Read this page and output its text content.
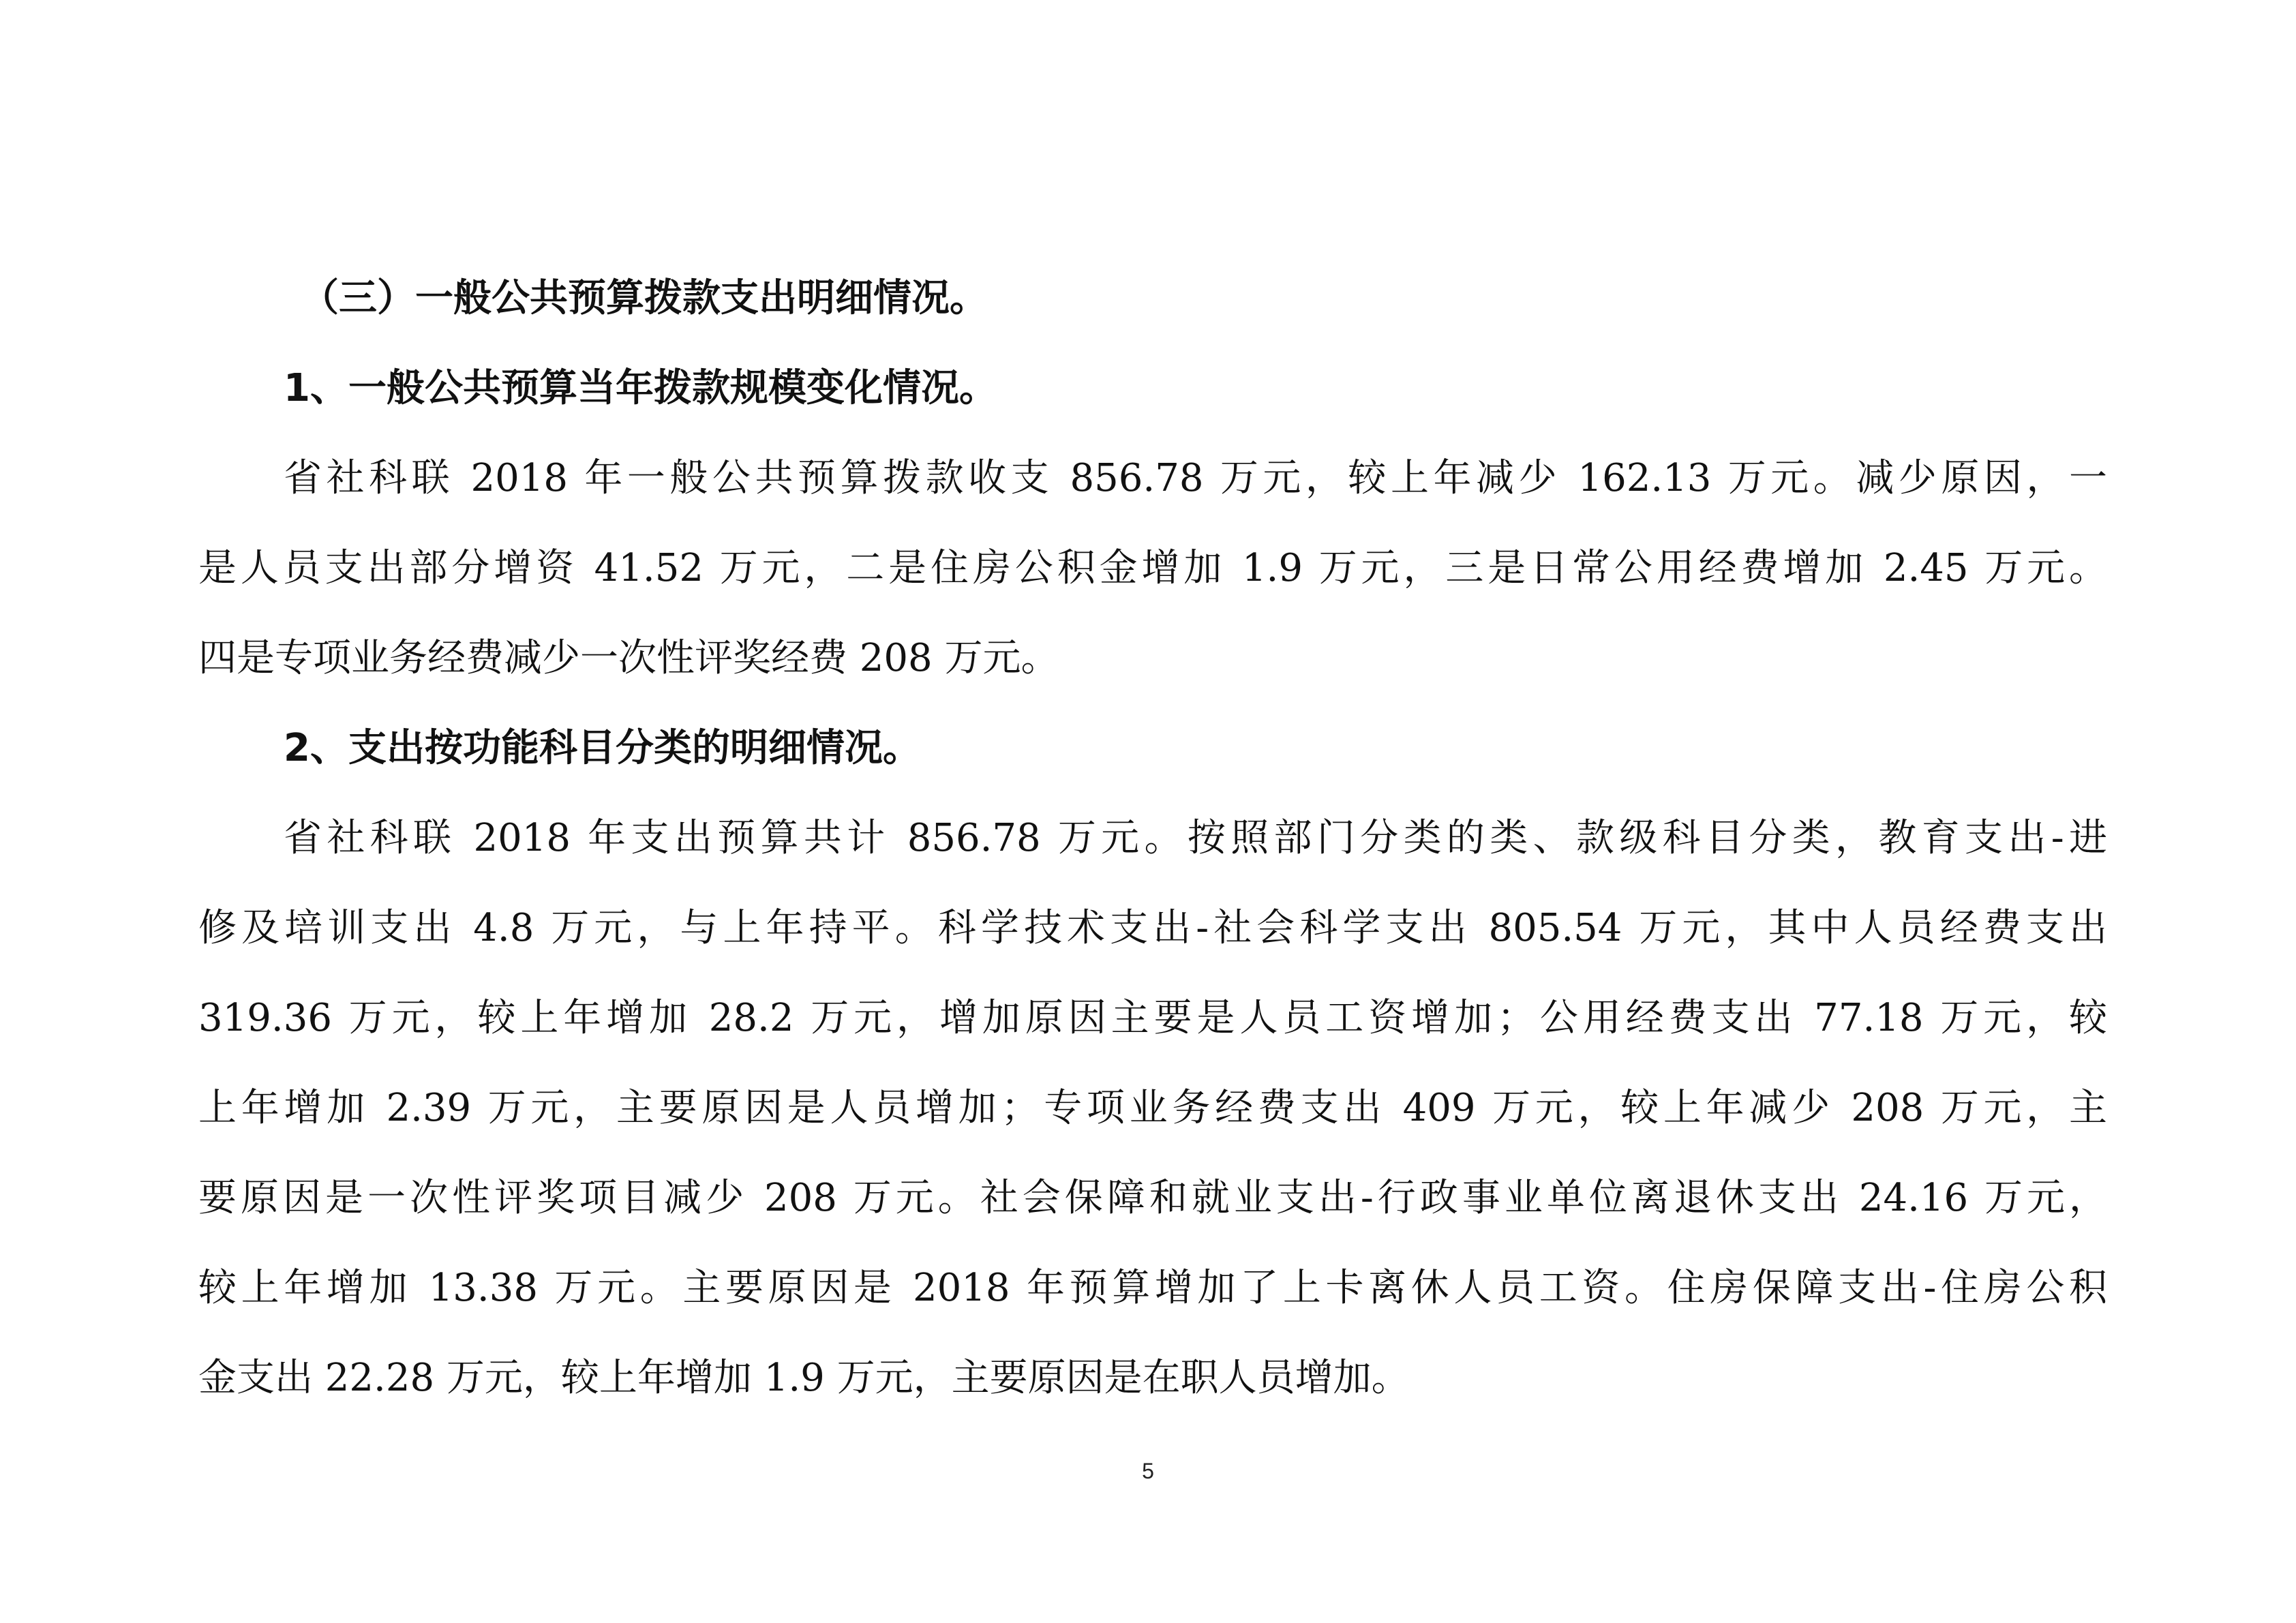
（三）一般公共预算拨款支出明细情况。
1、一般公共预算当年拨款规模变化情况。
省社科联 2018 年一般公共预算拨款收支 856.78 万元，较上年减少 162.13 万元。减少原因，一
是人员支出部分增资 41.52 万元，二是住房公积金增加 1.9 万元，三是日常公用经费增加 2.45 万元。
四是专项业务经费减少一次性评奖经费 208 万元。
2、支出按功能科目分类的明细情况。
省社科联 2018 年支出预算共计 856.78 万元。按照部门分类的类、款级科目分类，教育支出-进
修及培训支出 4.8 万元，与上年持平。科学技术支出-社会科学支出 805.54 万元，其中人员经费支出
319.36 万元，较上年增加 28.2 万元，增加原因主要是人员工资增加；公用经费支出 77.18 万元，较
上年增加 2.39 万元，主要原因是人员增加；专项业务经费支出 409 万元，较上年减少 208 万元，主
要原因是一次性评奖项目减少 208 万元。社会保障和就业支出-行政事业单位离退休支出 24.16 万元，
较上年增加 13.38 万元。主要原因是 2018 年预算增加了上卡离休人员工资。住房保障支出-住房公积
金支出 22.28 万元，较上年增加 1.9 万元，主要原因是在职人员增加。
5
